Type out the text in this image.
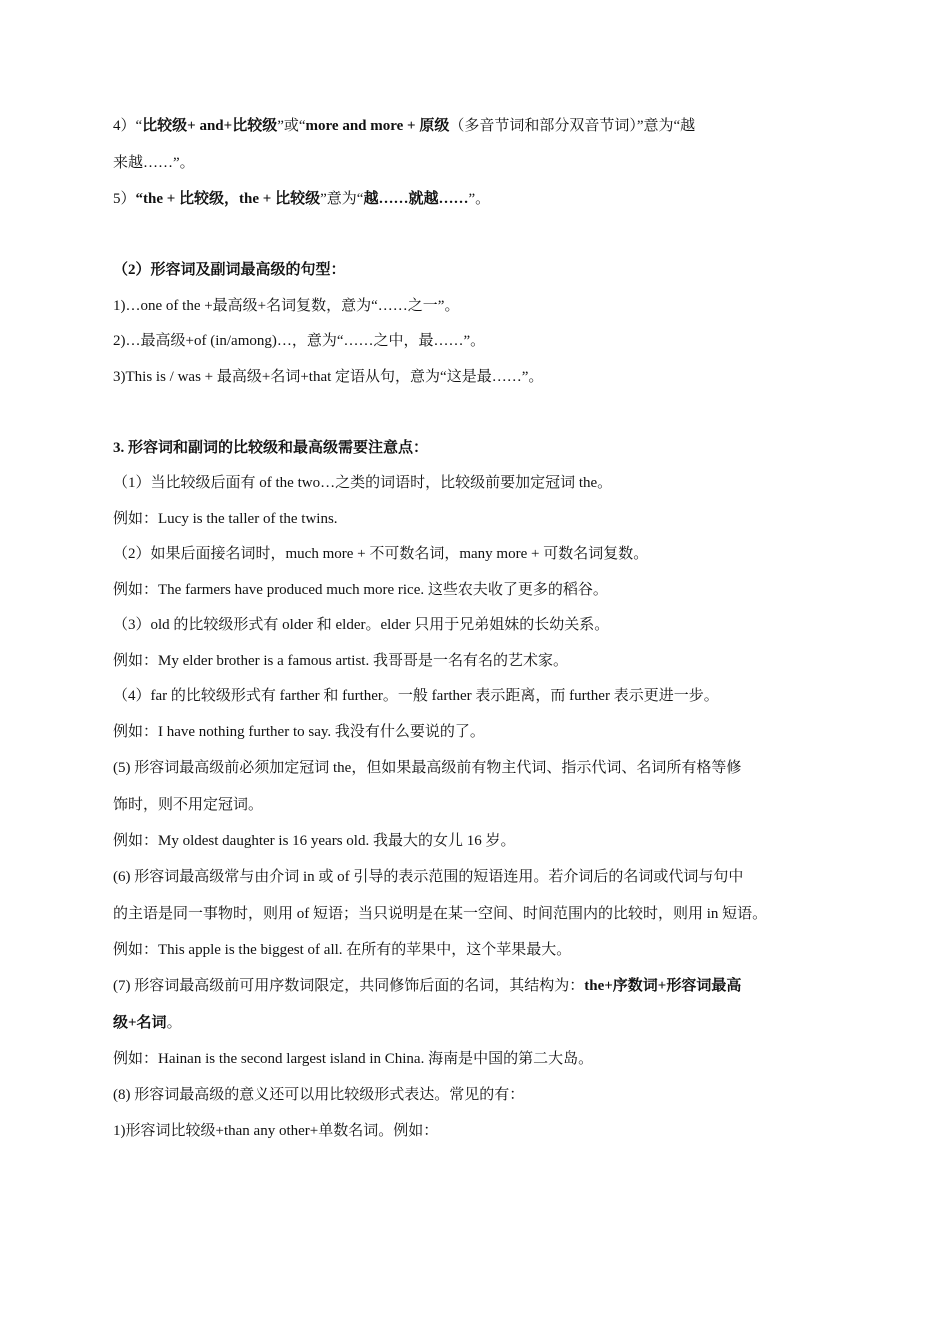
4）“比较级+ and+比较级”或“more and more + 原级（多音节词和部分双音节词）”意为“越
来越……”。
5）“the + 比较级，the + 比较级”意为“越……就越……”。
（2）形容词及副词最高级的句型：
1)…one of the +最高级+名词复数，意为“……之一”。
2)…最高级+of (in/among)…，意为“……之中，最……”。
3)This is / was + 最高级+名词+that 定语从句，意为“这是最……”。
3. 形容词和副词的比较级和最高级需要注意点：
（1）当比较级后面有 of the two…之类的词语时，比较级前要加定冠词 the。
例如：Lucy is the taller of the twins.
（2）如果后面接名词时，much more + 不可数名词，many more + 可数名词复数。
例如：The farmers have produced much more rice. 这些农夫收了更多的稻谷。
（3）old 的比较级形式有 older 和 elder。elder 只用于兄弟姐妹的长幼关系。
例如：My elder brother is a famous artist. 我哥哥是一名有名的艺术家。
（4）far 的比较级形式有 farther 和 further。一般 farther 表示距离，而 further 表示更进一步。
例如：I have nothing further to say. 我没有什么要说的了。
(5) 形容词最高级前必须加定冠词 the，但如果最高级前有物主代词、指示代词、名词所有格等修
饰时，则不用定冠词。
例如：My oldest daughter is 16 years old. 我最大的女儿 16 岁。
(6) 形容词最高级常与由介词 in 或 of 引导的表示范围的短语连用。若介词后的名词或代词与句中
的主语是同一事物时，则用 of 短语；当只说明是在某一空间、时间范围内的比较时，则用 in 短语。
例如：This apple is the biggest of all. 在所有的苹果中，这个苹果最大。
(7) 形容词最高级前可用序数词限定，共同修饰后面的名词，其结构为：the+序数词+形容词最高
级+名词。
例如：Hainan is the second largest island in China. 海南是中国的第二大岛。
(8) 形容词最高级的意义还可以用比较级形式表达。常见的有：
1)形容词比较级+than any other+单数名词。例如：
